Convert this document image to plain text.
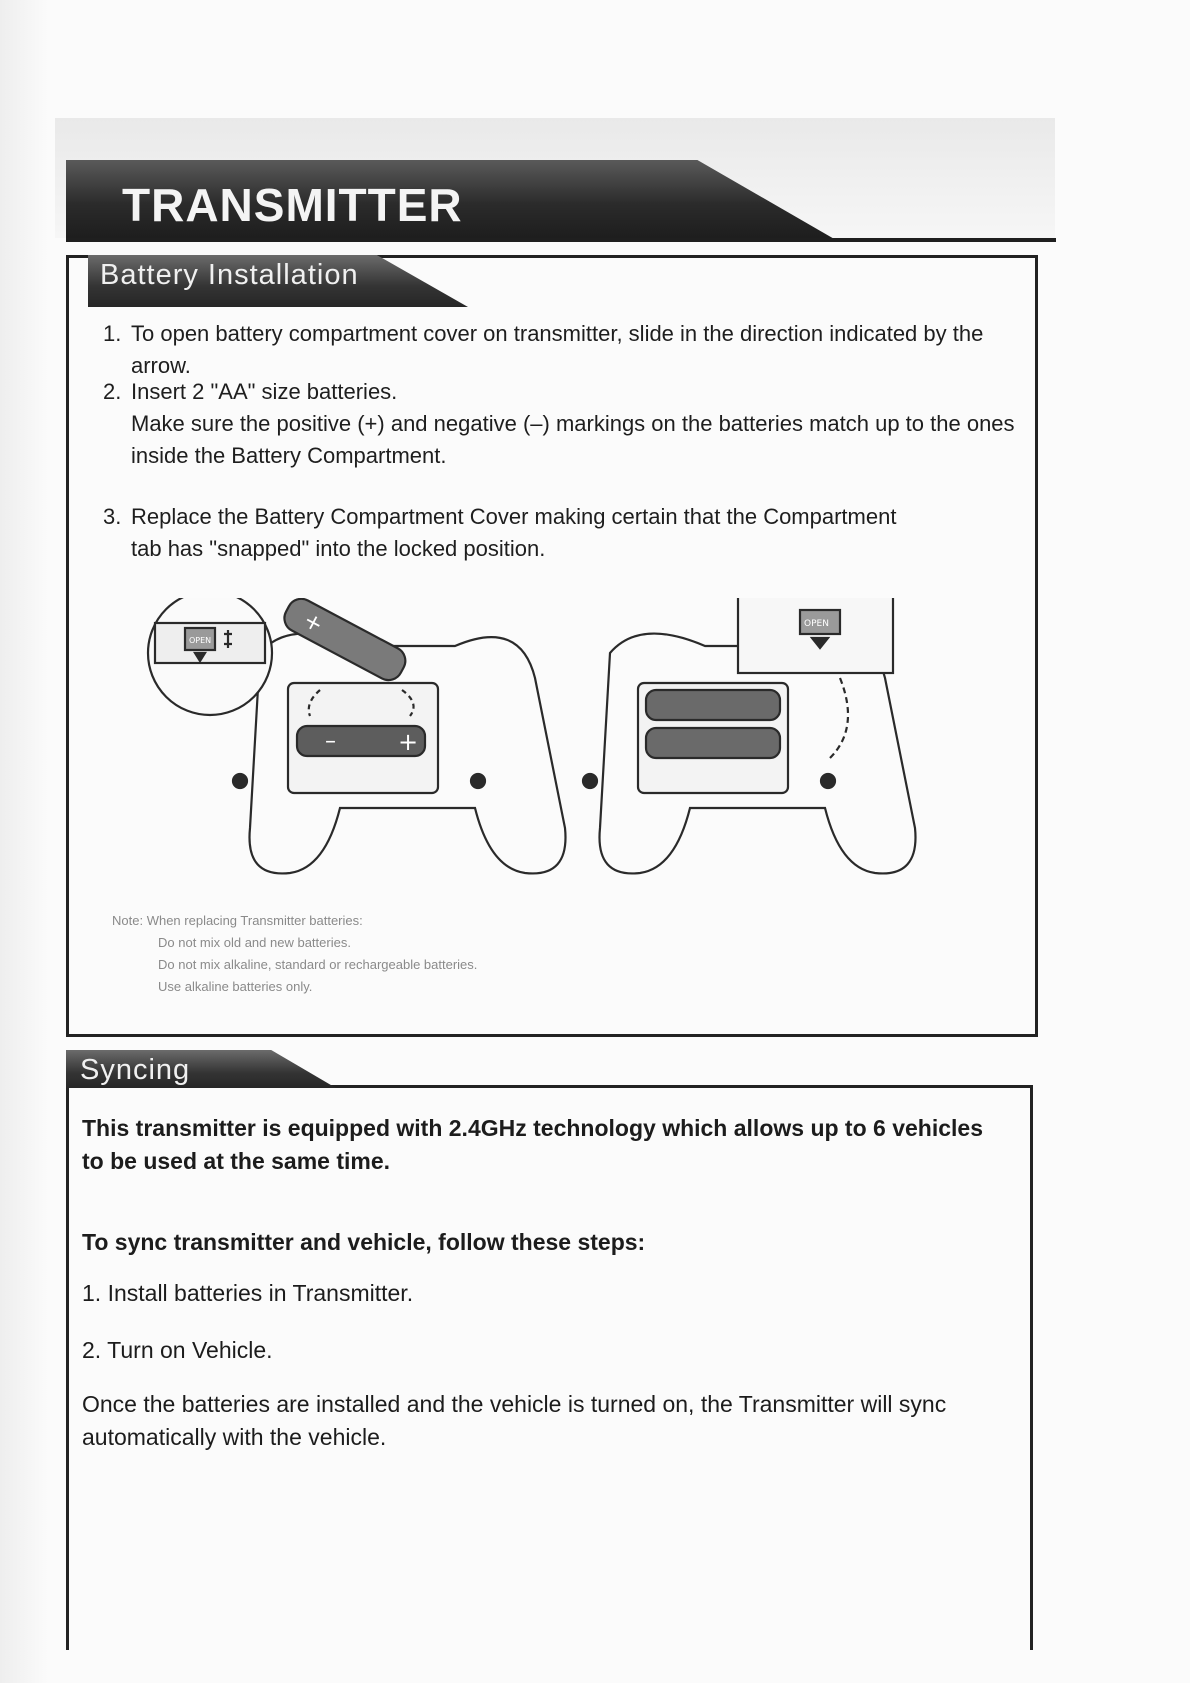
TRANSMITTER
Battery Installation
1. To open battery compartment cover on transmitter, slide in the direction indicated by the arrow.
2. Insert 2 "AA" size batteries.
Make sure the positive (+) and negative (–) markings on the batteries match up to the ones inside the Battery Compartment.
3. Replace the Battery Compartment Cover making certain that the Compartment tab has "snapped" into the locked position.
–	+
OPEN
+	OPEN
Note: When replacing Transmitter batteries:
Do not mix old and new batteries.
Do not mix alkaline, standard or rechargeable batteries.
Use alkaline batteries only.
Syncing
This transmitter is equipped with 2.4GHz technology which allows up to 6 vehicles to be used at the same time.
To sync transmitter and vehicle, follow these steps:
1. Install batteries in Transmitter.
2. Turn on Vehicle.
Once the batteries are installed and the vehicle is turned on, the Transmitter will sync automatically with the vehicle.
